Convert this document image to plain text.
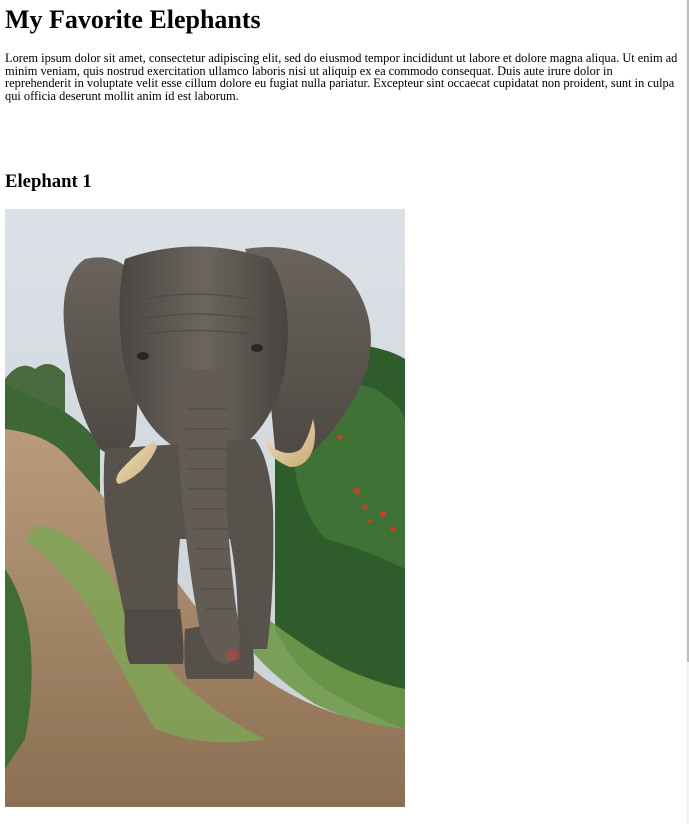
My Favorite Elephants

Lorem ipsum dolor sit amet, consectetur adipiscing elit, sed do eiusmod tempor incididunt ut labore et dolore magna aliqua. Ut enim ad minim veniam, quis nostrud exercitation ullamco laboris nisi ut aliquip ex ea commodo consequat. Duis aute irure dolor in reprehenderit in voluptate velit esse cillum dolore eu fugiat nulla pariatur. Excepteur sint occaecat cupidatat non proident, sunt in culpa qui officia deserunt mollit anim id est laborum.

Elephant 1
